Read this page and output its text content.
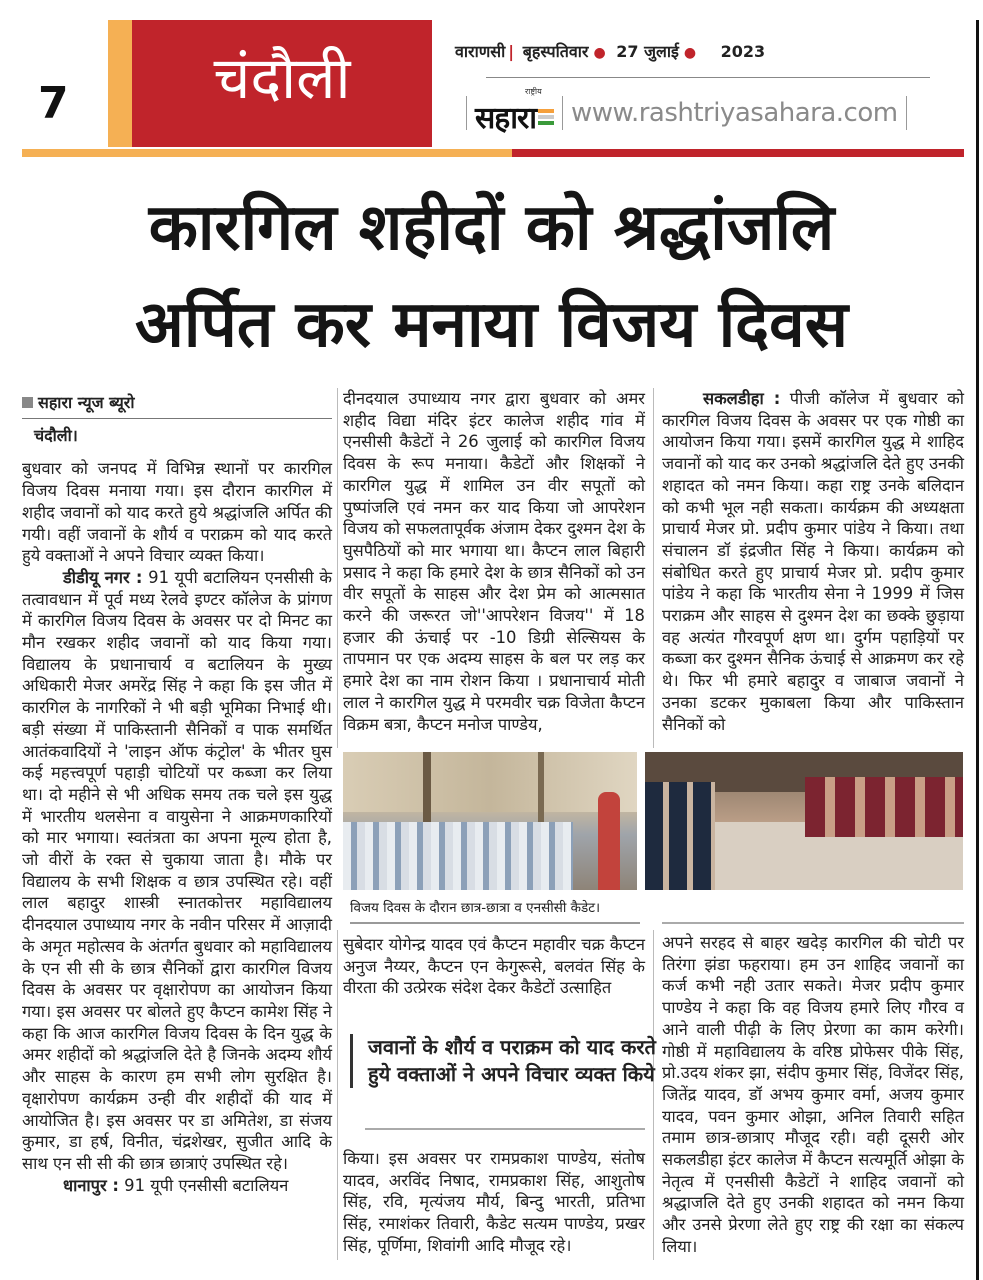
7	चंदौली	वाराणसी | बृहस्पतिवार ● 27 जुलाई ● 2023
राष्ट्रीय
सहारा www.rashtriyasahara.com
कारगिल शहीदों को श्रद्धांजलि
अर्पित कर मनाया विजय दिवस
सहारा न्यूज ब्यूरो
चंदौली।

बुधवार को जनपद में विभिन्न स्थानों पर कारगिल विजय दिवस मनाया गया। इस दौरान कारगिल में शहीद जवानों को याद करते हुये श्रद्धांजलि अर्पित की गयी। वहीं जवानों के शौर्य व पराक्रम को याद करते हुये वक्ताओं ने अपने विचार व्यक्त किया।

डीडीयू नगर : 91 यूपी बटालियन एनसीसी के तत्वावधान में पूर्व मध्य रेलवे इण्टर कॉलेज के प्रांगण में कारगिल विजय दिवस के अवसर पर दो मिनट का मौन रखकर शहीद जवानों को याद किया गया। विद्यालय के प्रधानाचार्य व बटालियन के मुख्य अधिकारी मेजर अमरेंद्र सिंह ने कहा कि इस जीत में कारगिल के नागरिकों ने भी बड़ी भूमिका निभाई थी। बड़ी संख्या में पाकिस्तानी सैनिकों व पाक समर्थित आतंकवादियों ने 'लाइन ऑफ कंट्रोल' के भीतर घुस कई महत्त्वपूर्ण पहाड़ी चोटियों पर कब्जा कर लिया था। दो महीने से भी अधिक समय तक चले इस युद्ध में भारतीय थलसेना व वायुसेना ने आक्रमणकारियों को मार भगाया। स्वतंत्रता का अपना मूल्य होता है, जो वीरों के रक्त से चुकाया जाता है। मौके पर विद्यालय के सभी शिक्षक व छात्र उपस्थित रहे। वहीं लाल बहादुर शास्त्री स्नातकोत्तर महाविद्यालय दीनदयाल उपाध्याय नगर के नवीन परिसर में आज़ादी के अमृत महोत्सव के अंतर्गत बुधवार को महाविद्यालय के एन सी सी के छात्र सैनिकों द्वारा कारगिल विजय दिवस के अवसर पर वृक्षारोपण का आयोजन किया गया। इस अवसर पर बोलते हुए कैप्टन कामेश सिंह ने कहा कि आज कारगिल विजय दिवस के दिन युद्ध के अमर शहीदों को श्रद्धांजलि देते है जिनके अदम्य शौर्य और साहस के कारण हम सभी लोग सुरक्षित है। वृक्षारोपण कार्यक्रम उन्ही वीर शहीदों की याद में आयोजित है। इस अवसर पर डा अमितेश, डा संजय कुमार, डा हर्ष, विनीत, चंद्रशेखर, सुजीत आदि के साथ एन सी सी की छात्र छात्राएं उपस्थित रहे।

धानापुर : 91 यूपी एनसीसी बटालियन

दीनदयाल उपाध्याय नगर द्वारा बुधवार को अमर शहीद विद्या मंदिर इंटर कालेज शहीद गांव में एनसीसी कैडेटों ने 26 जुलाई को कारगिल विजय दिवस के रूप मनाया। कैडेटों और शिक्षकों ने कारगिल युद्ध में शामिल उन वीर सपूतों को पुष्पांजलि एवं नमन कर याद किया जो आपरेशन विजय को सफलतापूर्वक अंजाम देकर दुश्मन देश के घुसपैठियों को मार भगाया था। कैप्टन लाल बिहारी प्रसाद ने कहा कि हमारे देश के छात्र सैनिकों को उन वीर सपूतों के साहस और देश प्रेम को आत्मसात करने की जरूरत जो''आपरेशन विजय'' में 18 हजार की ऊंचाई पर -10 डिग्री सेल्सियस के तापमान पर एक अदम्य साहस के बल पर लड़ कर हमारे देश का नाम रोशन किया । प्रधानाचार्य मोती लाल ने कारगिल युद्ध मे परमवीर चक्र विजेता कैप्टन विक्रम बत्रा, कैप्टन मनोज पाण्डेय,

सकलडीहा : पीजी कॉलेज में बुधवार को कारगिल विजय दिवस के अवसर पर एक गोष्ठी का आयोजन किया गया। इसमें कारगिल युद्ध मे शाहिद जवानों को याद कर उनको श्रद्धांजलि देते हुए उनकी शहादत को नमन किया। कहा राष्ट्र उनके बलिदान को कभी भूल नही सकता। कार्यक्रम की अध्यक्षता प्राचार्य मेजर प्रो. प्रदीप कुमार पांडेय ने किया। तथा संचालन डॉ इंद्रजीत सिंह ने किया। कार्यक्रम को संबोधित करते हुए प्राचार्य मेजर प्रो. प्रदीप कुमार पांडेय ने कहा कि भारतीय सेना ने 1999 में जिस पराक्रम और साहस से दुश्मन देश का छक्के छुड़ाया वह अत्यंत गौरवपूर्ण क्षण था। दुर्गम पहाड़ियों पर कब्जा कर दुश्मन सैनिक ऊंचाई से आक्रमण कर रहे थे। फिर भी हमारे बहादुर व जाबाज जवानों ने उनका डटकर मुकाबला किया और पाकिस्तान सैनिकों को

विजय दिवस के दौरान छात्र-छात्रा व एनसीसी कैडेट।

सुबेदार योगेन्द्र यादव एवं कैप्टन महावीर चक्र कैप्टन अनुज नैय्यर, कैप्टन एन केगुरूसे, बलवंत सिंह के वीरता की उत्प्रेरक संदेश देकर कैडेटों उत्साहित

जवानों के शौर्य व पराक्रम को याद करते हुये वक्ताओं ने अपने विचार व्यक्त किये

किया। इस अवसर पर रामप्रकाश पाण्डेय, संतोष यादव, अरविंद निषाद, रामप्रकाश सिंह, आशुतोष सिंह, रवि, मृत्यंजय मौर्य, बिन्दु भारती, प्रतिभा सिंह, रमाशंकर तिवारी, कैडेट सत्यम पाण्डेय, प्रखर सिंह, पूर्णिमा, शिवांगी आदि मौजूद रहे।

अपने सरहद से बाहर खदेड़ कारगिल की चोटी पर तिरंगा झंडा फहराया। हम उन शाहिद जवानों का कर्ज कभी नही उतार सकते। मेजर प्रदीप कुमार पाण्डेय ने कहा कि वह विजय हमारे लिए गौरव व आने वाली पीढ़ी के लिए प्रेरणा का काम करेगी। गोष्ठी में महाविद्यालय के वरिष्ठ प्रोफेसर पीके सिंह, प्रो.उदय शंकर झा, संदीप कुमार सिंह, विजेंदर सिंह, जितेंद्र यादव, डॉ अभय कुमार वर्मा, अजय कुमार यादव, पवन कुमार ओझा, अनिल तिवारी सहित तमाम छात्र-छात्राए मौजूद रही। वही दूसरी ओर सकलडीहा इंटर कालेज में कैप्टन सत्यमूर्ति ओझा के नेतृत्व में एनसीसी कैडेटों ने शाहिद जवानों को श्रद्धाजलि देते हुए उनकी शहादत को नमन किया और उनसे प्रेरणा लेते हुए राष्ट्र की रक्षा का संकल्प लिया।
